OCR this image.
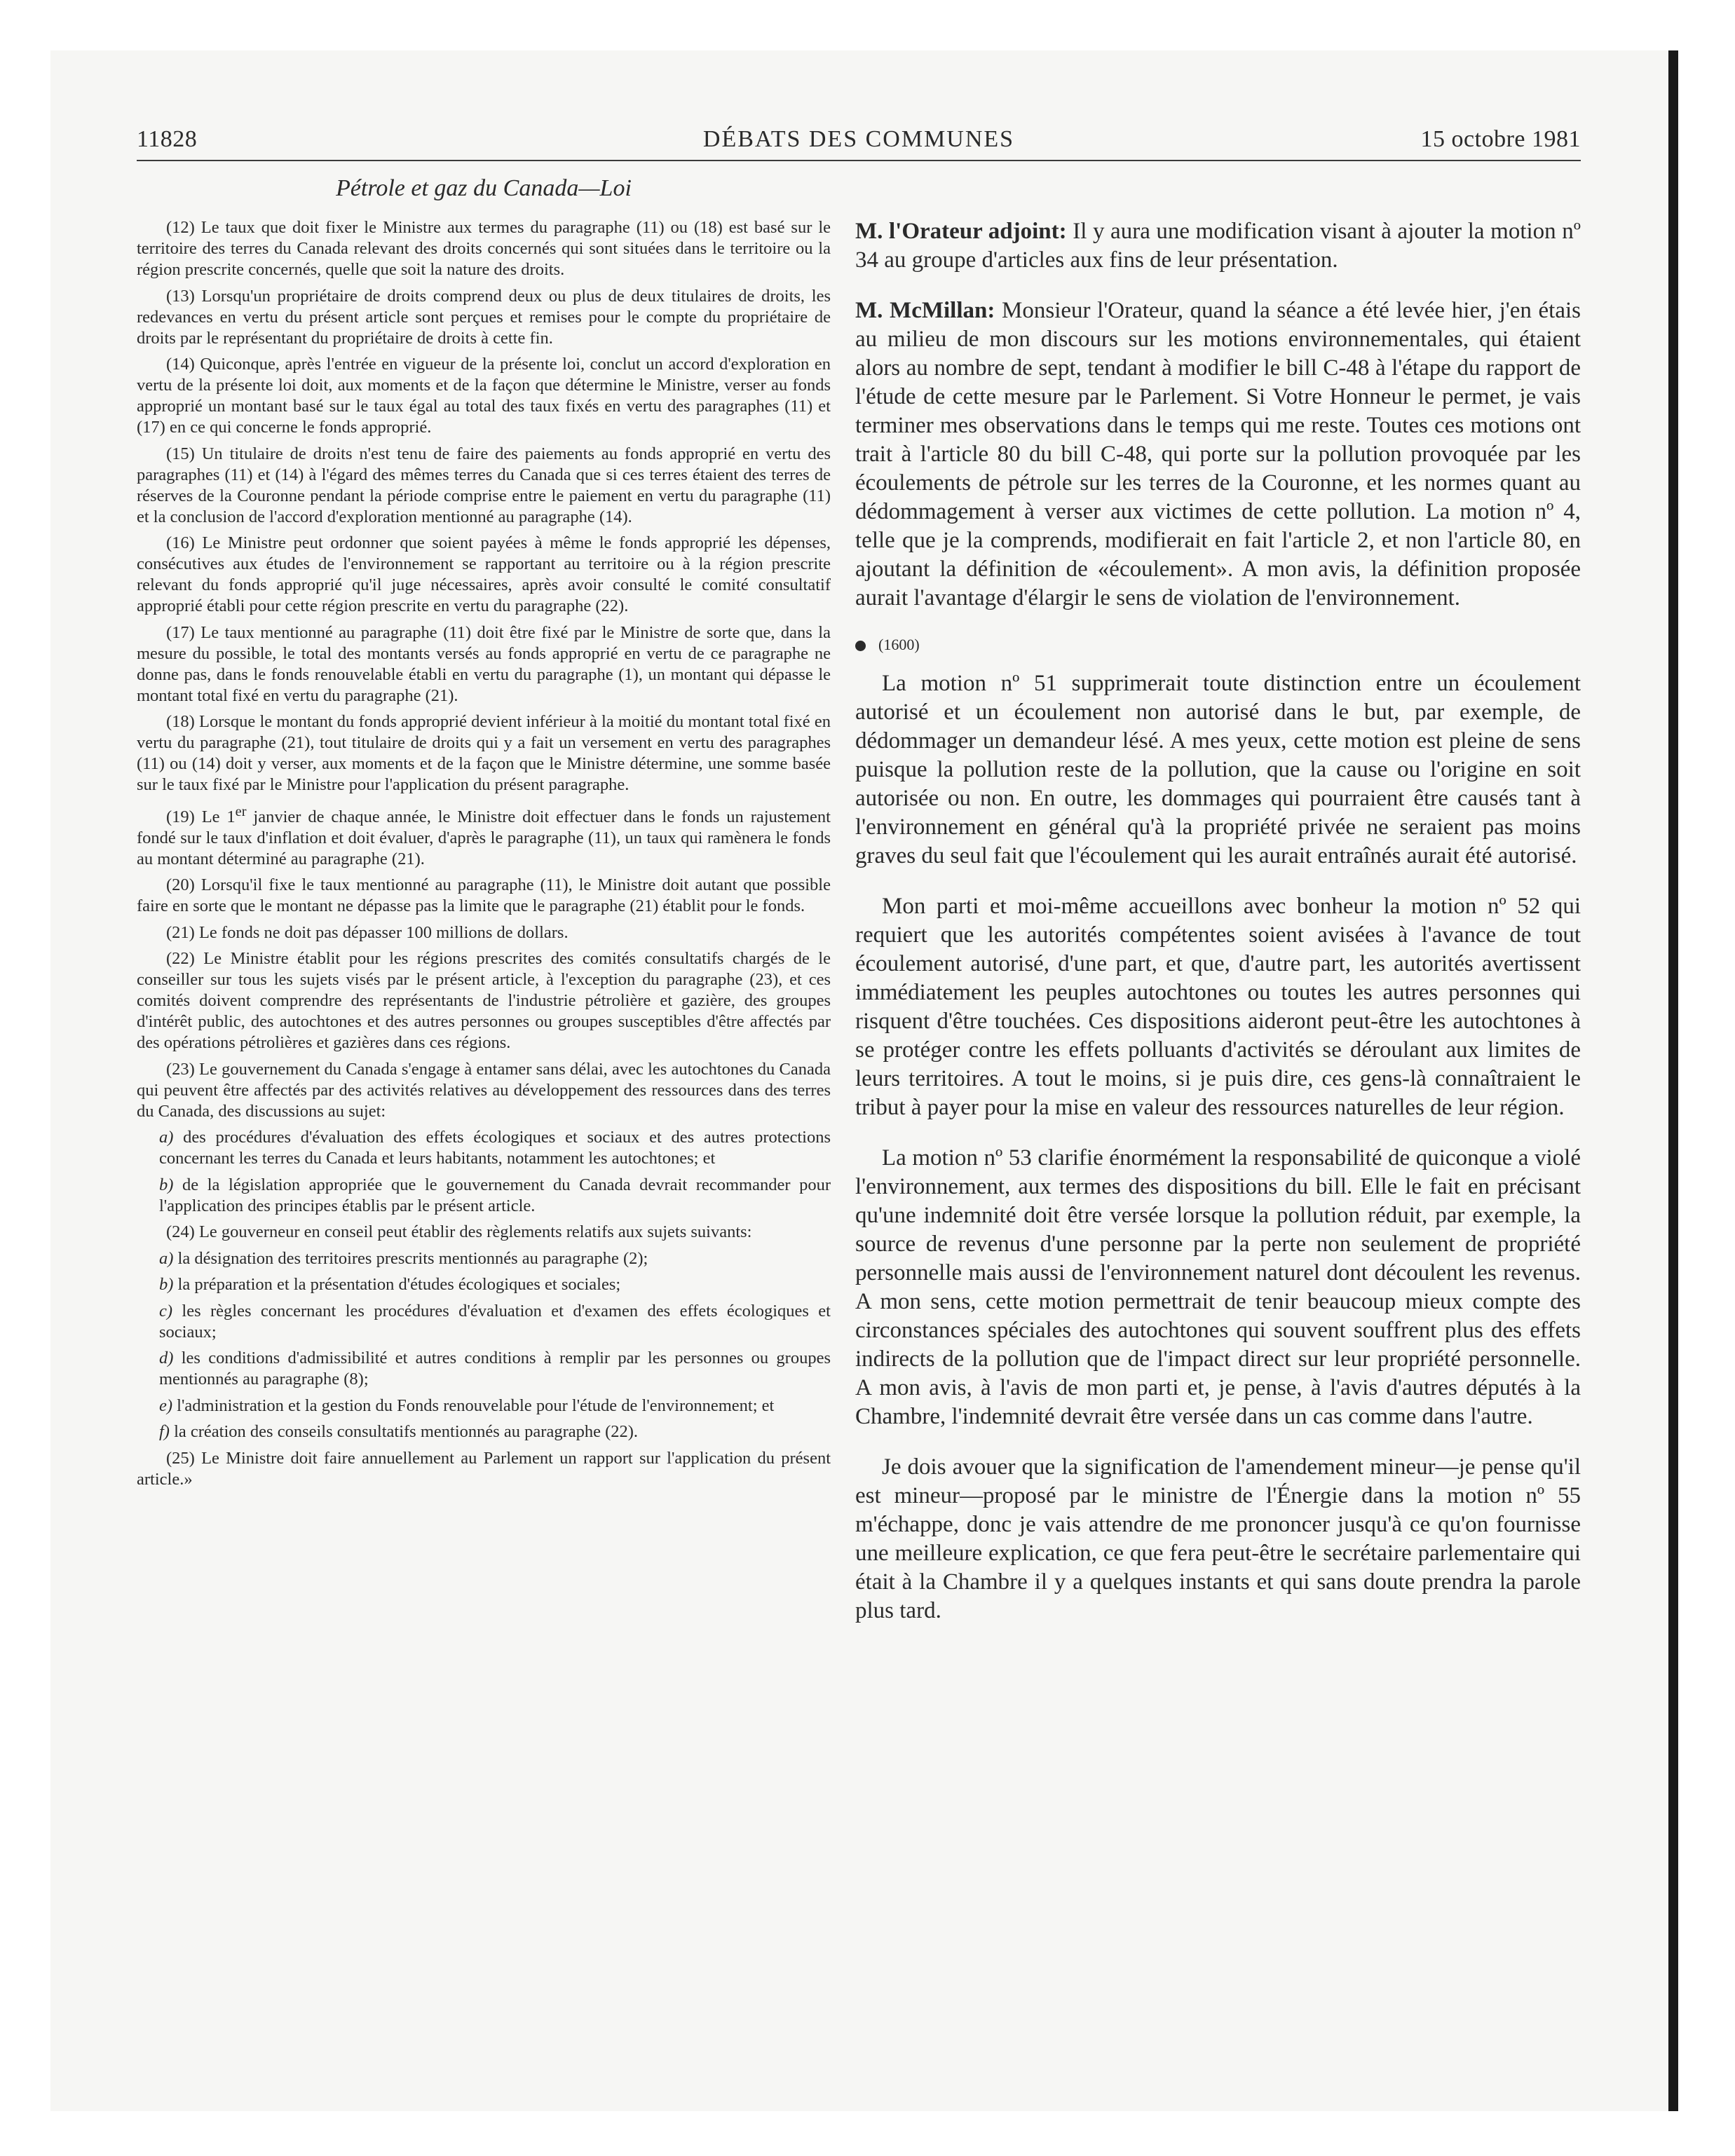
11828	DÉBATS DES COMMUNES	15 octobre 1981
Pétrole et gaz du Canada—Loi

(12) Le taux que doit fixer le Ministre aux termes du paragraphe (11) ou (18) est basé sur le territoire des terres du Canada relevant des droits concernés qui sont situées dans le territoire ou la région prescrite concernés, quelle que soit la nature des droits.

(13) Lorsqu'un propriétaire de droits comprend deux ou plus de deux titulaires de droits, les redevances en vertu du présent article sont perçues et remises pour le compte du propriétaire de droits par le représentant du propriétaire de droits à cette fin.

(14) Quiconque, après l'entrée en vigueur de la présente loi, conclut un accord d'exploration en vertu de la présente loi doit, aux moments et de la façon que détermine le Ministre, verser au fonds approprié un montant basé sur le taux égal au total des taux fixés en vertu des paragraphes (11) et (17) en ce qui concerne le fonds approprié.

(15) Un titulaire de droits n'est tenu de faire des paiements au fonds approprié en vertu des paragraphes (11) et (14) à l'égard des mêmes terres du Canada que si ces terres étaient des terres de réserves de la Couronne pendant la période comprise entre le paiement en vertu du paragraphe (11) et la conclusion de l'accord d'exploration mentionné au paragraphe (14).

(16) Le Ministre peut ordonner que soient payées à même le fonds approprié les dépenses, consécutives aux études de l'environnement se rapportant au territoire ou à la région prescrite relevant du fonds approprié qu'il juge nécessaires, après avoir consulté le comité consultatif approprié établi pour cette région prescrite en vertu du paragraphe (22).

(17) Le taux mentionné au paragraphe (11) doit être fixé par le Ministre de sorte que, dans la mesure du possible, le total des montants versés au fonds approprié en vertu de ce paragraphe ne donne pas, dans le fonds renouvelable établi en vertu du paragraphe (1), un montant qui dépasse le montant total fixé en vertu du paragraphe (21).

(18) Lorsque le montant du fonds approprié devient inférieur à la moitié du montant total fixé en vertu du paragraphe (21), tout titulaire de droits qui y a fait un versement en vertu des paragraphes (11) ou (14) doit y verser, aux moments et de la façon que le Ministre détermine, une somme basée sur le taux fixé par le Ministre pour l'application du présent paragraphe.

(19) Le 1er janvier de chaque année, le Ministre doit effectuer dans le fonds un rajustement fondé sur le taux d'inflation et doit évaluer, d'après le paragraphe (11), un taux qui ramènera le fonds au montant déterminé au paragraphe (21).

(20) Lorsqu'il fixe le taux mentionné au paragraphe (11), le Ministre doit autant que possible faire en sorte que le montant ne dépasse pas la limite que le paragraphe (21) établit pour le fonds.

(21) Le fonds ne doit pas dépasser 100 millions de dollars.

(22) Le Ministre établit pour les régions prescrites des comités consultatifs chargés de le conseiller sur tous les sujets visés par le présent article, à l'exception du paragraphe (23), et ces comités doivent comprendre des représentants de l'industrie pétrolière et gazière, des groupes d'intérêt public, des autochtones et des autres personnes ou groupes susceptibles d'être affectés par des opérations pétrolières et gazières dans ces régions.

(23) Le gouvernement du Canada s'engage à entamer sans délai, avec les autochtones du Canada qui peuvent être affectés par des activités relatives au développement des ressources dans des terres du Canada, des discussions au sujet:

a) des procédures d'évaluation des effets écologiques et sociaux et des autres protections concernant les terres du Canada et leurs habitants, notamment les autochtones; et

b) de la législation appropriée que le gouvernement du Canada devrait recommander pour l'application des principes établis par le présent article.

(24) Le gouverneur en conseil peut établir des règlements relatifs aux sujets suivants:

a) la désignation des territoires prescrits mentionnés au paragraphe (2);

b) la préparation et la présentation d'études écologiques et sociales;

c) les règles concernant les procédures d'évaluation et d'examen des effets écologiques et sociaux;

d) les conditions d'admissibilité et autres conditions à remplir par les personnes ou groupes mentionnés au paragraphe (8);

e) l'administration et la gestion du Fonds renouvelable pour l'étude de l'environnement; et

f) la création des conseils consultatifs mentionnés au paragraphe (22).

(25) Le Ministre doit faire annuellement au Parlement un rapport sur l'application du présent article.»

M. l'Orateur adjoint: Il y aura une modification visant à ajouter la motion nº 34 au groupe d'articles aux fins de leur présentation.

M. McMillan: Monsieur l'Orateur, quand la séance a été levée hier, j'en étais au milieu de mon discours sur les motions environnementales, qui étaient alors au nombre de sept, tendant à modifier le bill C-48 à l'étape du rapport de l'étude de cette mesure par le Parlement. Si Votre Honneur le permet, je vais terminer mes observations dans le temps qui me reste. Toutes ces motions ont trait à l'article 80 du bill C-48, qui porte sur la pollution provoquée par les écoulements de pétrole sur les terres de la Couronne, et les normes quant au dédommagement à verser aux victimes de cette pollution. La motion nº 4, telle que je la comprends, modifierait en fait l'article 2, et non l'article 80, en ajoutant la définition de «écoulement». A mon avis, la définition proposée aurait l'avantage d'élargir le sens de violation de l'environnement.

(1600)

La motion nº 51 supprimerait toute distinction entre un écoulement autorisé et un écoulement non autorisé dans le but, par exemple, de dédommager un demandeur lésé. A mes yeux, cette motion est pleine de sens puisque la pollution reste de la pollution, que la cause ou l'origine en soit autorisée ou non. En outre, les dommages qui pourraient être causés tant à l'environnement en général qu'à la propriété privée ne seraient pas moins graves du seul fait que l'écoulement qui les aurait entraînés aurait été autorisé.

Mon parti et moi-même accueillons avec bonheur la motion nº 52 qui requiert que les autorités compétentes soient avisées à l'avance de tout écoulement autorisé, d'une part, et que, d'autre part, les autorités avertissent immédiatement les peuples autochtones ou toutes les autres personnes qui risquent d'être touchées. Ces dispositions aideront peut-être les autochtones à se protéger contre les effets polluants d'activités se déroulant aux limites de leurs territoires. A tout le moins, si je puis dire, ces gens-là connaîtraient le tribut à payer pour la mise en valeur des ressources naturelles de leur région.

La motion nº 53 clarifie énormément la responsabilité de quiconque a violé l'environnement, aux termes des dispositions du bill. Elle le fait en précisant qu'une indemnité doit être versée lorsque la pollution réduit, par exemple, la source de revenus d'une personne par la perte non seulement de propriété personnelle mais aussi de l'environnement naturel dont découlent les revenus. A mon sens, cette motion permettrait de tenir beaucoup mieux compte des circonstances spéciales des autochtones qui souvent souffrent plus des effets indirects de la pollution que de l'impact direct sur leur propriété personnelle. A mon avis, à l'avis de mon parti et, je pense, à l'avis d'autres députés à la Chambre, l'indemnité devrait être versée dans un cas comme dans l'autre.

Je dois avouer que la signification de l'amendement mineur—je pense qu'il est mineur—proposé par le ministre de l'Énergie dans la motion nº 55 m'échappe, donc je vais attendre de me prononcer jusqu'à ce qu'on fournisse une meilleure explication, ce que fera peut-être le secrétaire parlementaire qui était à la Chambre il y a quelques instants et qui sans doute prendra la parole plus tard.
